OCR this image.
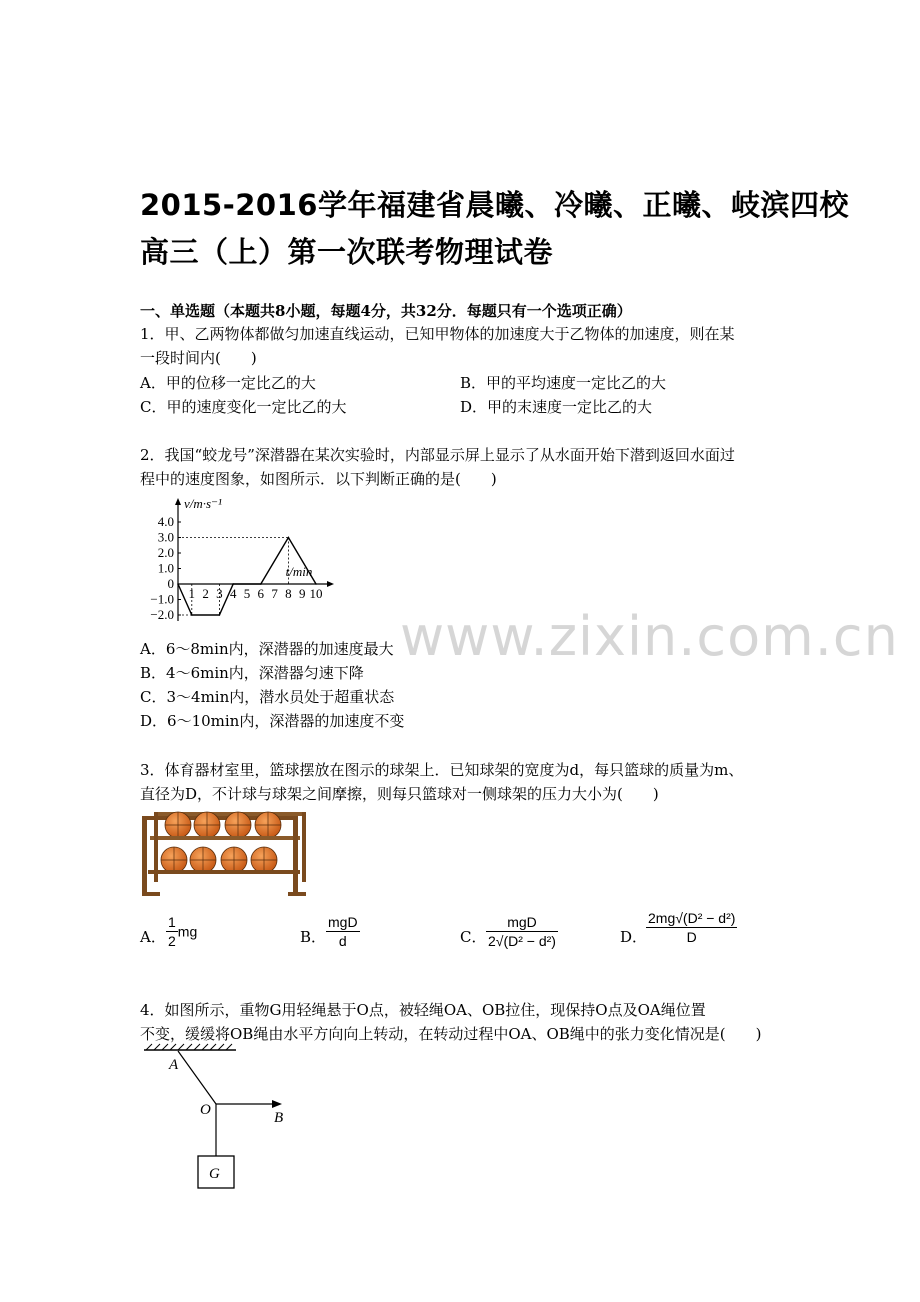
2015-2016学年福建省晨曦、冷曦、正曦、岐滨四校
高三（上）第一次联考物理试卷
一、单选题（本题共8小题，每题4分，共32分．每题只有一个选项正确）
1．甲、乙两物体都做匀加速直线运动，已知甲物体的加速度大于乙物体的加速度，则在某
一段时间内(　　)
A．甲的位移一定比乙的大	B．甲的平均速度一定比乙的大
C．甲的速度变化一定比乙的大	D．甲的末速度一定比乙的大
2．我国“蛟龙号”深潜器在某次实验时，内部显示屏上显示了从水面开始下潜到返回水面过
程中的速度图象，如图所示．以下判断正确的是(　　)
4.0
3.0
2.0
1.0
0
−1.0
−2.0
1 2 3 4 5 6 7 8 9 10
v/m·s⁻¹
t/min
www.zixin.com.cn
A．6～8min内，深潜器的加速度最大
B．4～6min内，深潜器匀速下降
C．3～4min内，潜水员处于超重状态
D．6～10min内，深潜器的加速度不变
3．体育器材室里，篮球摆放在图示的球架上．已知球架的宽度为d，每只篮球的质量为m、
直径为D，不计球与球架之间摩擦，则每只篮球对一侧球架的压力大小为(　　)
A． $\frac{1}{2}$ mg	B． $\frac{\text{mgD}}{d}$	C． $\frac{\text{mgD}}{\text{2√(D² − d²)}}$	D．
$\frac{\text{2mg√(D² − d²)}}{D}$
4．如图所示，重物G用轻绳悬于O点，被轻绳OA、OB拉住，现保持O点及OA绳位置
不变，缓缓将OB绳由水平方向向上转动，在转动过程中OA、OB绳中的张力变化情况是(　　)
A
O	B
G
